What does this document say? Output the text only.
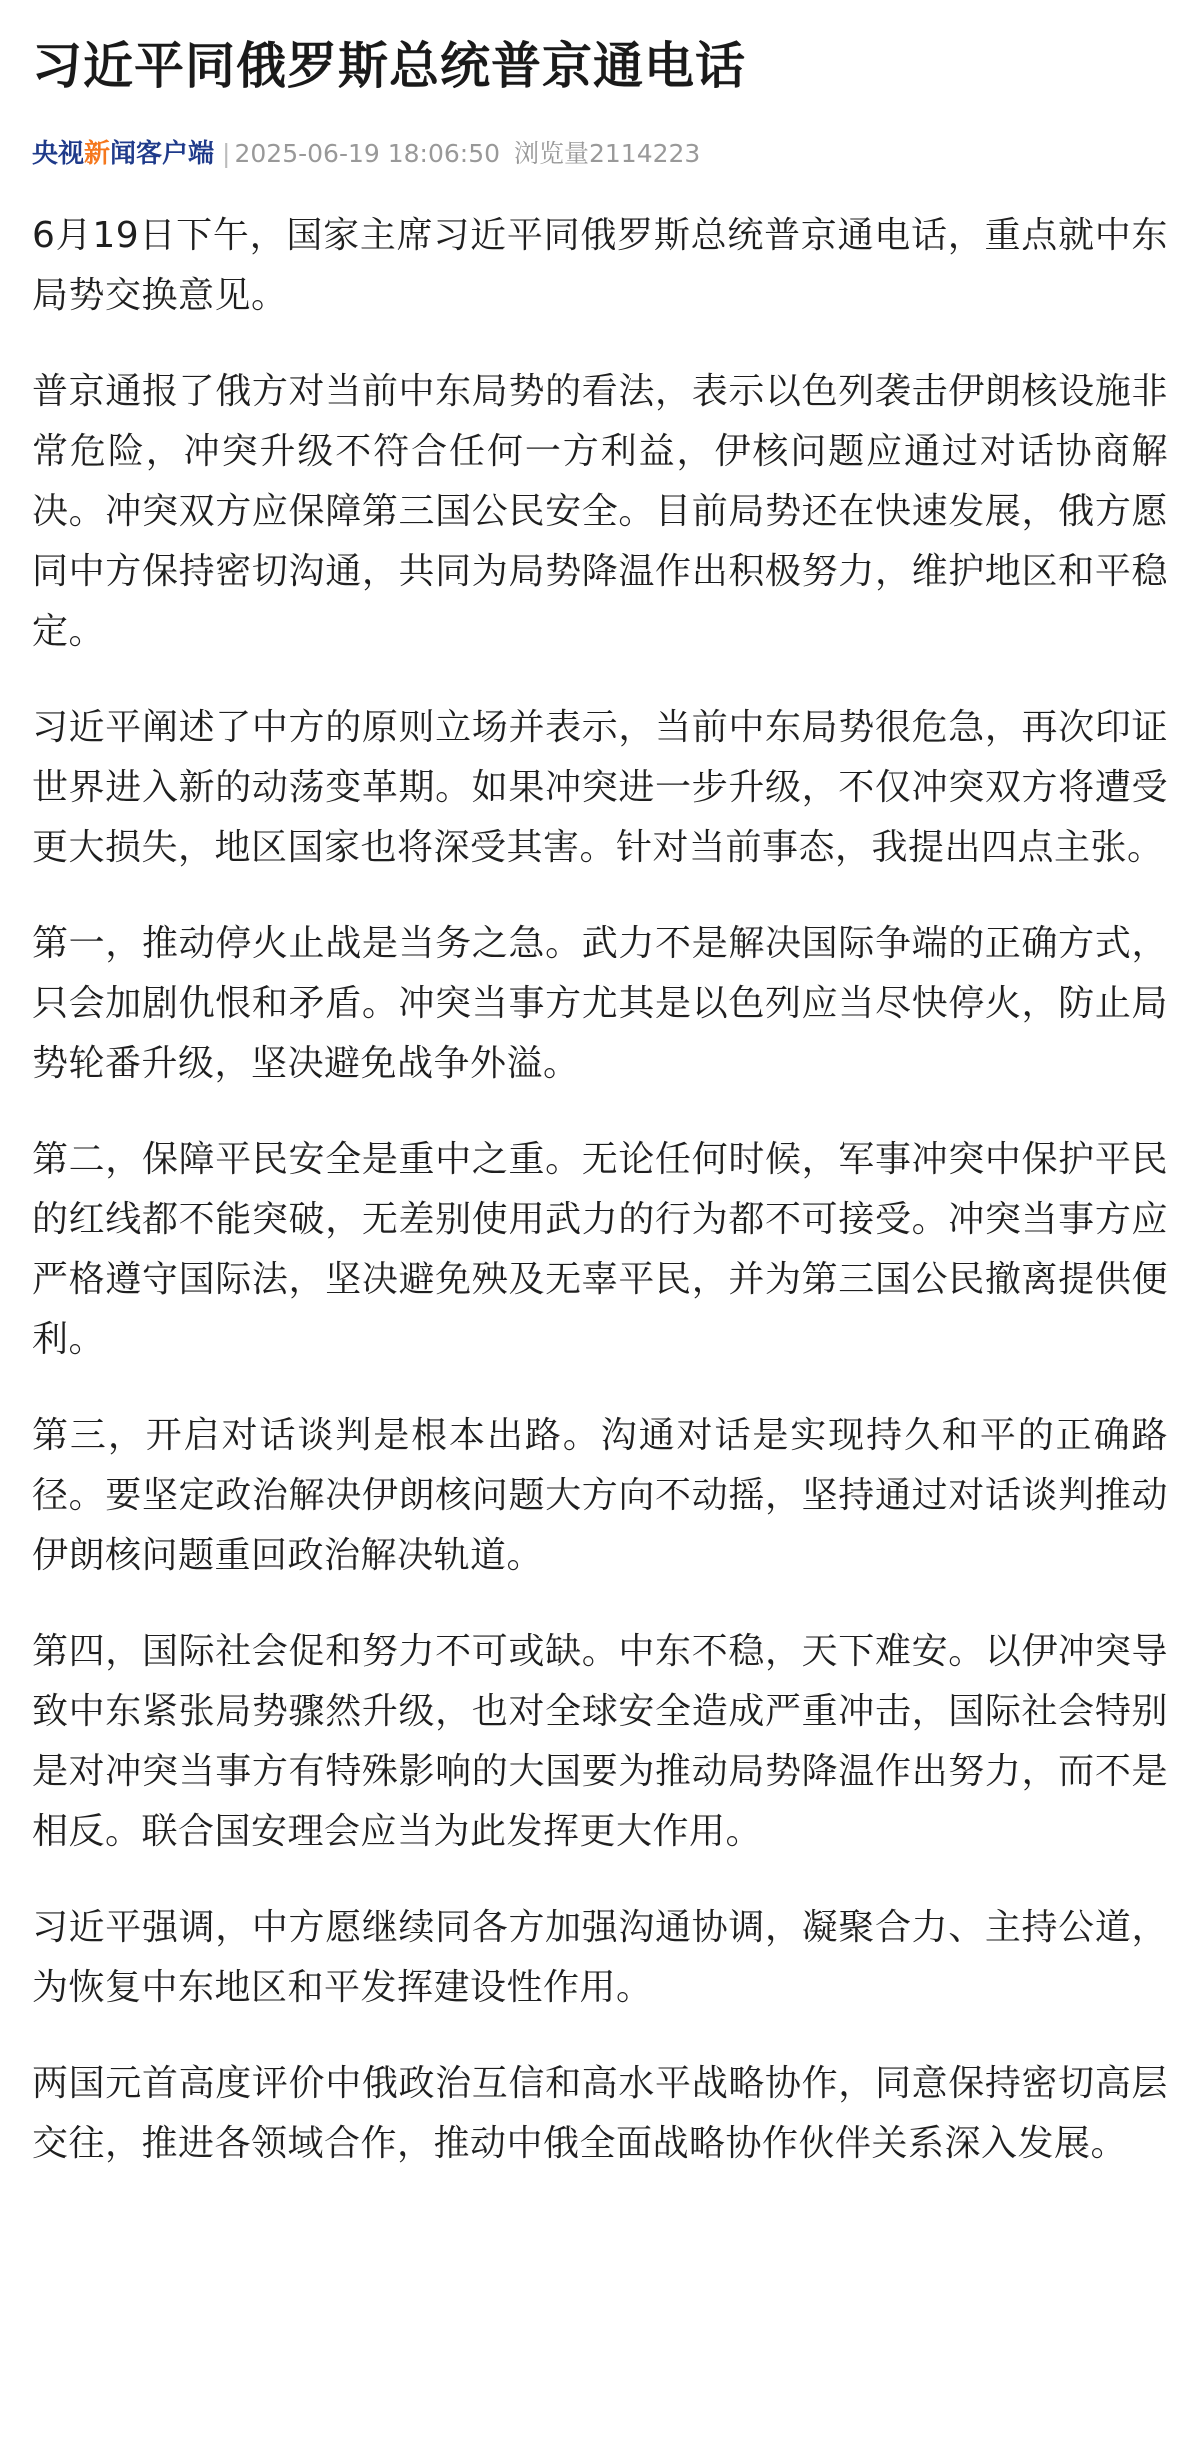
习近平同俄罗斯总统普京通电话
央视新闻客户端 | 2025-06-19 18:06:50 浏览量2114223

6月19日下午，国家主席习近平同俄罗斯总统普京通电话，重点就中东局势交换意见。

普京通报了俄方对当前中东局势的看法，表示以色列袭击伊朗核设施非常危险，冲突升级不符合任何一方利益，伊核问题应通过对话协商解决。冲突双方应保障第三国公民安全。目前局势还在快速发展，俄方愿同中方保持密切沟通，共同为局势降温作出积极努力，维护地区和平稳定。

习近平阐述了中方的原则立场并表示，当前中东局势很危急，再次印证世界进入新的动荡变革期。如果冲突进一步升级，不仅冲突双方将遭受更大损失，地区国家也将深受其害。针对当前事态，我提出四点主张。

第一，推动停火止战是当务之急。武力不是解决国际争端的正确方式，只会加剧仇恨和矛盾。冲突当事方尤其是以色列应当尽快停火，防止局势轮番升级，坚决避免战争外溢。

第二，保障平民安全是重中之重。无论任何时候，军事冲突中保护平民的红线都不能突破，无差别使用武力的行为都不可接受。冲突当事方应严格遵守国际法，坚决避免殃及无辜平民，并为第三国公民撤离提供便利。

第三，开启对话谈判是根本出路。沟通对话是实现持久和平的正确路径。要坚定政治解决伊朗核问题大方向不动摇，坚持通过对话谈判推动伊朗核问题重回政治解决轨道。

第四，国际社会促和努力不可或缺。中东不稳，天下难安。以伊冲突导致中东紧张局势骤然升级，也对全球安全造成严重冲击，国际社会特别是对冲突当事方有特殊影响的大国要为推动局势降温作出努力，而不是相反。联合国安理会应当为此发挥更大作用。

习近平强调，中方愿继续同各方加强沟通协调，凝聚合力、主持公道，为恢复中东地区和平发挥建设性作用。

两国元首高度评价中俄政治互信和高水平战略协作，同意保持密切高层交往，推进各领域合作，推动中俄全面战略协作伙伴关系深入发展。
